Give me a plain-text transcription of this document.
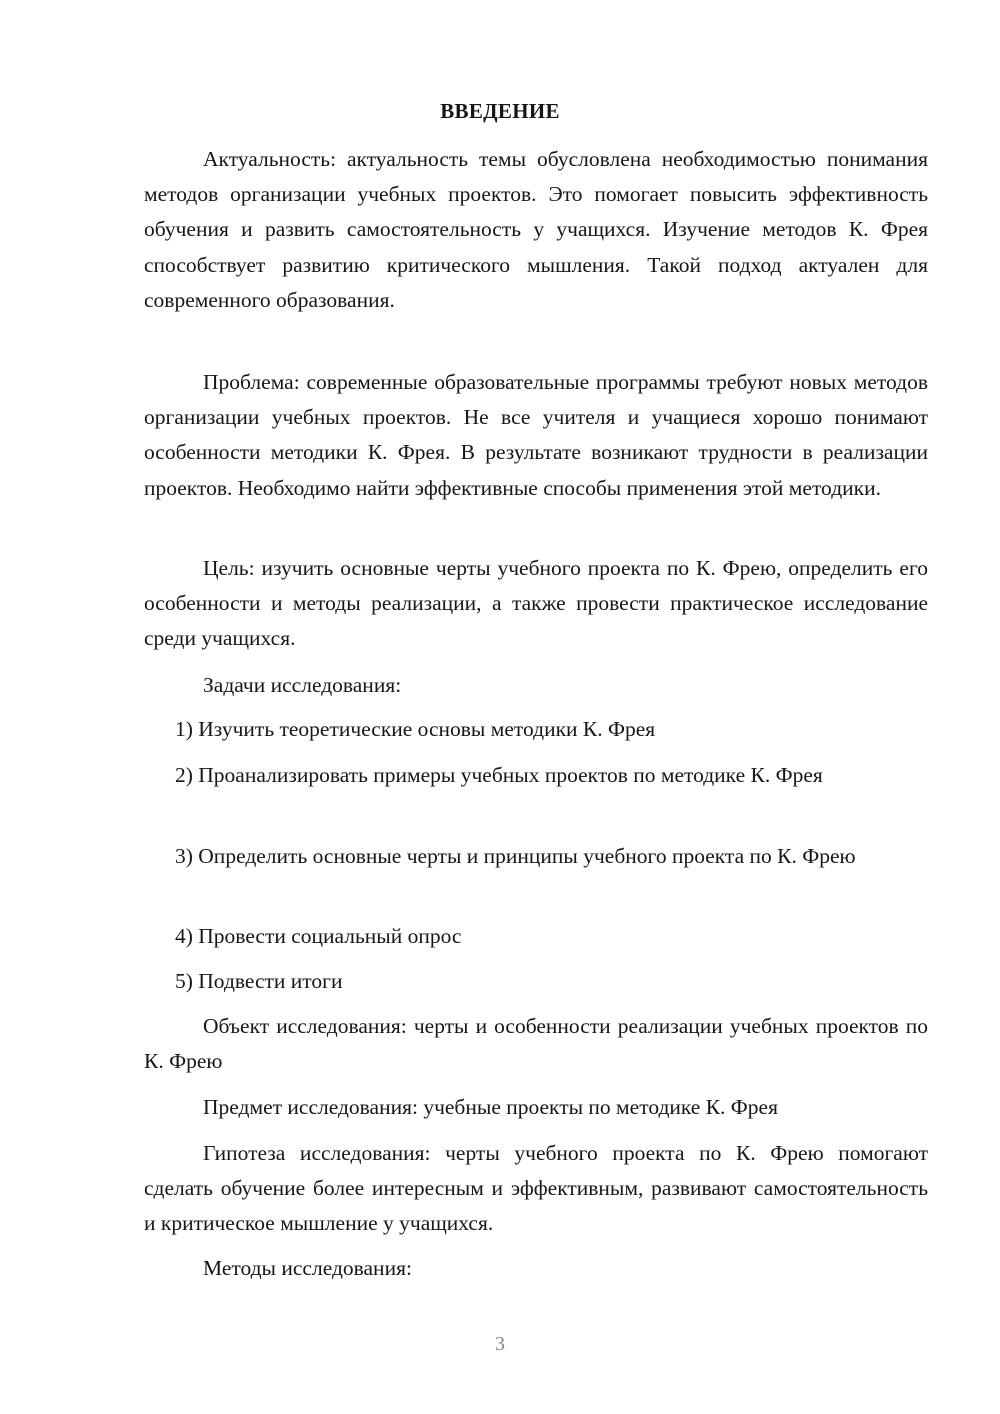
ВВЕДЕНИЕ

Актуальность: актуальность темы обусловлена необходимостью понимания методов организации учебных проектов. Это помогает повысить эффективность обучения и развить самостоятельность у учащихся. Изучение методов К. Фрея способствует развитию критического мышления. Такой подход актуален для современного образования.

Проблема: современные образовательные программы требуют новых методов организации учебных проектов. Не все учителя и учащиеся хорошо понимают особенности методики К. Фрея. В результате возникают трудности в реализации проектов. Необходимо найти эффективные способы применения этой методики.

Цель: изучить основные черты учебного проекта по К. Фрею, определить его особенности и методы реализации, а также провести практическое исследование среди учащихся.

Задачи исследования:

1) Изучить теоретические основы методики К. Фрея

2) Проанализировать примеры учебных проектов по методике К. Фрея

3) Определить основные черты и принципы учебного проекта по К. Фрею

4) Провести социальный опрос

5) Подвести итоги

Объект исследования: черты и особенности реализации учебных проектов по К. Фрею

Предмет исследования: учебные проекты по методике К. Фрея

Гипотеза исследования: черты учебного проекта по К. Фрею помогают сделать обучение более интересным и эффективным, развивают самостоятельность и критическое мышление у учащихся.

Методы исследования:

3
